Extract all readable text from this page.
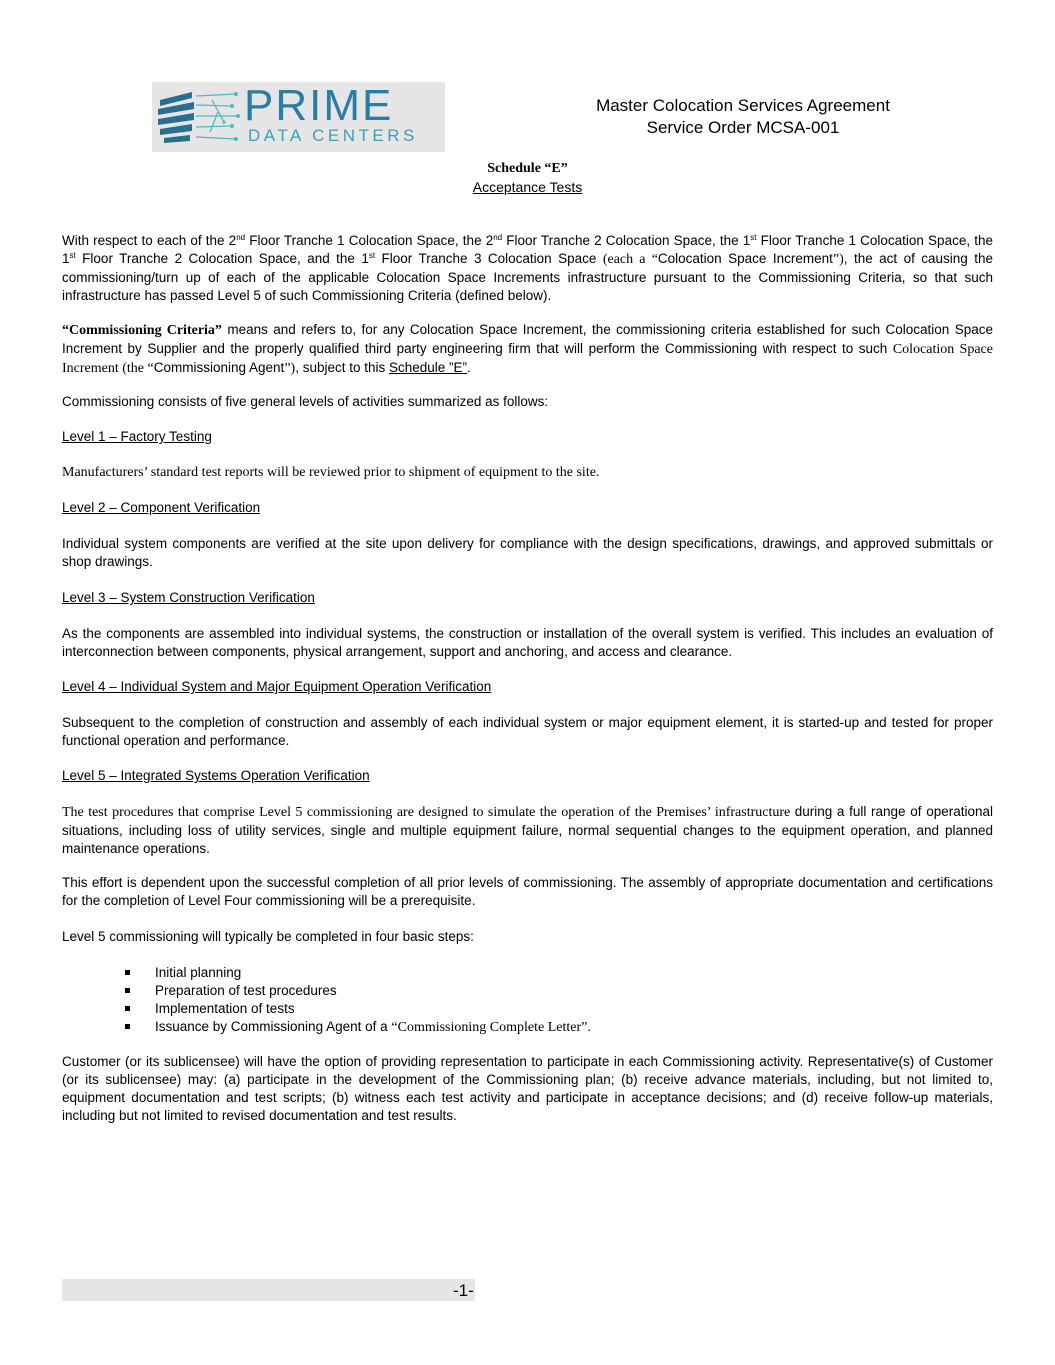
PRIME
DATA CENTERS
Master Colocation Services Agreement
Service Order MCSA-001
Schedule “E”
Acceptance Tests
With respect to each of the 2nd Floor Tranche 1 Colocation Space, the 2nd Floor Tranche 2 Colocation Space, the 1st Floor Tranche 1 Colocation Space, the 1st Floor Tranche 2 Colocation Space, and the 1st Floor Tranche 3 Colocation Space (each a “Colocation Space Increment”), the act of causing the commissioning/turn up of each of the applicable Colocation Space Increments infrastructure pursuant to the Commissioning Criteria, so that such infrastructure has passed Level 5 of such Commissioning Criteria (defined below).
“Commissioning Criteria” means and refers to, for any Colocation Space Increment, the commissioning criteria established for such Colocation Space Increment by Supplier and the properly qualified third party engineering firm that will perform the Commissioning with respect to such Colocation Space Increment (the “Commissioning Agent”), subject to this Schedule ”E”.
Commissioning consists of five general levels of activities summarized as follows:
Level 1 – Factory Testing
Manufacturers’ standard test reports will be reviewed prior to shipment of equipment to the site.
Level 2 – Component Verification
Individual system components are verified at the site upon delivery for compliance with the design specifications, drawings, and approved submittals or shop drawings.
Level 3 – System Construction Verification
As the components are assembled into individual systems, the construction or installation of the overall system is verified. This includes an evaluation of interconnection between components, physical arrangement, support and anchoring, and access and clearance.
Level 4 – Individual System and Major Equipment Operation Verification
Subsequent to the completion of construction and assembly of each individual system or major equipment element, it is started-up and tested for proper functional operation and performance.
Level 5 – Integrated Systems Operation Verification
The test procedures that comprise Level 5 commissioning are designed to simulate the operation of the Premises’ infrastructure during a full range of operational situations, including loss of utility services, single and multiple equipment failure, normal sequential changes to the equipment operation, and planned maintenance operations.
This effort is dependent upon the successful completion of all prior levels of commissioning. The assembly of appropriate documentation and certifications for the completion of Level Four commissioning will be a prerequisite.
Level 5 commissioning will typically be completed in four basic steps:
Initial planning
Preparation of test procedures
Implementation of tests
Issuance by Commissioning Agent of a “Commissioning Complete Letter”.
Customer (or its sublicensee) will have the option of providing representation to participate in each Commissioning activity. Representative(s) of Customer (or its sublicensee) may: (a) participate in the development of the Commissioning plan; (b) receive advance materials, including, but not limited to, equipment documentation and test scripts; (b) witness each test activity and participate in acceptance decisions; and (d) receive follow-up materials, including but not limited to revised documentation and test results.
-1-
